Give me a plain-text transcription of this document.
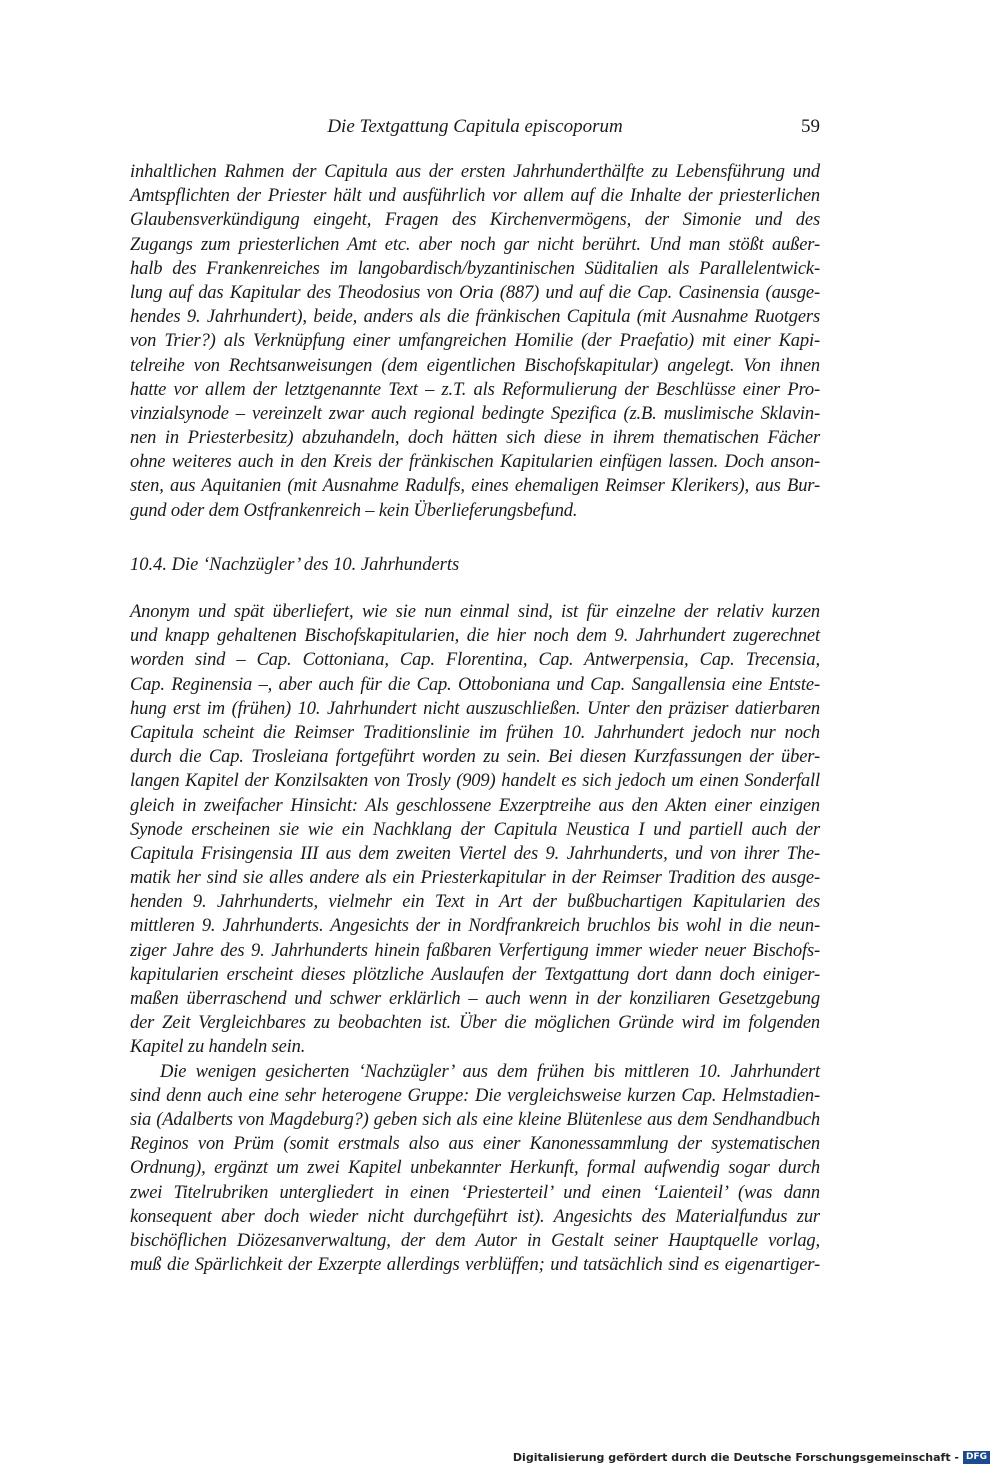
Die Textgattung Capitula episcoporum	59
inhaltlichen Rahmen der Capitula aus der ersten Jahrhunderthälfte zu Lebensführung und
Amtspflichten der Priester hält und ausführlich vor allem auf die Inhalte der priesterlichen
Glaubensverkündigung eingeht, Fragen des Kirchenvermögens, der Simonie und des
Zugangs zum priesterlichen Amt etc. aber noch gar nicht berührt. Und man stößt außer-
halb des Frankenreiches im langobardisch/byzantinischen Süditalien als Parallelentwick-
lung auf das Kapitular des Theodosius von Oria (887) und auf die Cap. Casinensia (ausge-
hendes 9. Jahrhundert), beide, anders als die fränkischen Capitula (mit Ausnahme Ruotgers
von Trier?) als Verknüpfung einer umfangreichen Homilie (der Praefatio) mit einer Kapi-
telreihe von Rechtsanweisungen (dem eigentlichen Bischofskapitular) angelegt. Von ihnen
hatte vor allem der letztgenannte Text – z.T. als Reformulierung der Beschlüsse einer Pro-
vinzialsynode – vereinzelt zwar auch regional bedingte Spezifica (z.B. muslimische Sklavin-
nen in Priesterbesitz) abzuhandeln, doch hätten sich diese in ihrem thematischen Fächer
ohne weiteres auch in den Kreis der fränkischen Kapitularien einfügen lassen. Doch anson-
sten, aus Aquitanien (mit Ausnahme Radulfs, eines ehemaligen Reimser Klerikers), aus Bur-
gund oder dem Ostfrankenreich – kein Überlieferungsbefund.
10.4. Die ‘Nachzügler’ des 10. Jahrhunderts
Anonym und spät überliefert, wie sie nun einmal sind, ist für einzelne der relativ kurzen
und knapp gehaltenen Bischofskapitularien, die hier noch dem 9. Jahrhundert zugerechnet
worden sind – Cap. Cottoniana, Cap. Florentina, Cap. Antwerpensia, Cap. Trecensia,
Cap. Reginensia –, aber auch für die Cap. Ottoboniana und Cap. Sangallensia eine Entste-
hung erst im (frühen) 10. Jahrhundert nicht auszuschließen. Unter den präziser datierbaren
Capitula scheint die Reimser Traditionslinie im frühen 10. Jahrhundert jedoch nur noch
durch die Cap. Trosleiana fortgeführt worden zu sein. Bei diesen Kurzfassungen der über-
langen Kapitel der Konzilsakten von Trosly (909) handelt es sich jedoch um einen Sonderfall
gleich in zweifacher Hinsicht: Als geschlossene Exzerptreihe aus den Akten einer einzigen
Synode erscheinen sie wie ein Nachklang der Capitula Neustica I und partiell auch der
Capitula Frisingensia III aus dem zweiten Viertel des 9. Jahrhunderts, und von ihrer The-
matik her sind sie alles andere als ein Priesterkapitular in der Reimser Tradition des ausge-
henden 9. Jahrhunderts, vielmehr ein Text in Art der bußbuchartigen Kapitularien des
mittleren 9. Jahrhunderts. Angesichts der in Nordfrankreich bruchlos bis wohl in die neun-
ziger Jahre des 9. Jahrhunderts hinein faßbaren Verfertigung immer wieder neuer Bischofs-
kapitularien erscheint dieses plötzliche Auslaufen der Textgattung dort dann doch einiger-
maßen überraschend und schwer erklärlich – auch wenn in der konziliaren Gesetzgebung
der Zeit Vergleichbares zu beobachten ist. Über die möglichen Gründe wird im folgenden
Kapitel zu handeln sein.
Die wenigen gesicherten ‘Nachzügler’ aus dem frühen bis mittleren 10. Jahrhundert
sind denn auch eine sehr heterogene Gruppe: Die vergleichsweise kurzen Cap. Helmstadien-
sia (Adalberts von Magdeburg?) geben sich als eine kleine Blütenlese aus dem Sendhandbuch
Reginos von Prüm (somit erstmals also aus einer Kanonessammlung der systematischen
Ordnung), ergänzt um zwei Kapitel unbekannter Herkunft, formal aufwendig sogar durch
zwei Titelrubriken untergliedert in einen ‘Priesterteil’ und einen ‘Laienteil’ (was dann
konsequent aber doch wieder nicht durchgeführt ist). Angesichts des Materialfundus zur
bischöflichen Diözesanverwaltung, der dem Autor in Gestalt seiner Hauptquelle vorlag,
muß die Spärlichkeit der Exzerpte allerdings verblüffen; und tatsächlich sind es eigenartiger-
Digitalisierung gefördert durch die Deutsche Forschungsgemeinschaft - DFG
